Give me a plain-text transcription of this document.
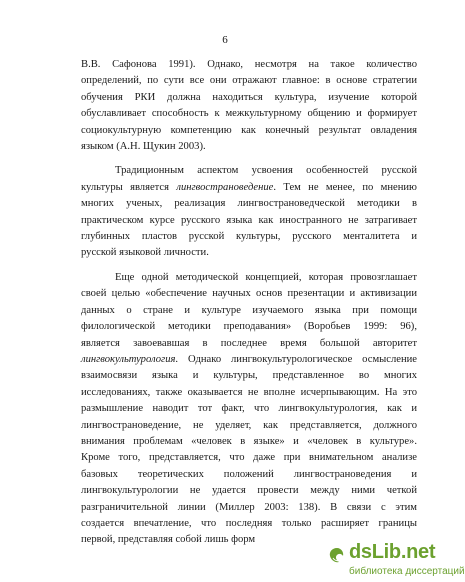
6
В.В. Сафонова 1991). Однако, несмотря на такое количество
определений, по сути все они отражают главное: в основе стратегии
обучения РКИ должна находиться культура, изучение которой
обуславливает способность к межкультурному общению и формирует
социокультурную компетенцию как конечный результат овладения
языком (А.Н. Щукин 2003).
Традиционным аспектом усвоения особенностей русской
культуры является лингвострановедение. Тем не менее, по мнению
многих ученых, реализация лингвострановедческой методики в
практическом курсе русского языка как иностранного не затрагивает
глубинных пластов русской культуры, русского менталитета и
русской языковой личности.
Еще одной методической концепцией, которая провозглашает
своей целью «обеспечение научных основ презентации и активизации
данных о стране и культуре изучаемого языка при помощи
филологической методики преподавания» (Воробьев 1999: 96),
является завоевавшая в последнее время большой авторитет
лингвокультурология. Однако лингвокультурологическое осмысление
взаимосвязи языка и культуры, представленное во многих
исследованиях, также оказывается не вполне исчерпывающим. На это
размышление наводит тот факт, что лингвокультурология, как и
лингвострановедение, не уделяет, как представляется, должного
внимания проблемам «человек в языке» и «человек в культуре».
Кроме того, представляется, что даже при внимательном анализе
базовых теоретических положений лингвострановедения и
лингвокультурологии не удается провести между ними четкой
разграничительной линии (Миллер 2003: 138). В связи с этим
создается впечатление, что последняя только расширяет границы
первой, представляя собой лишь форм
dsLib.net
библиотека диссертаций
